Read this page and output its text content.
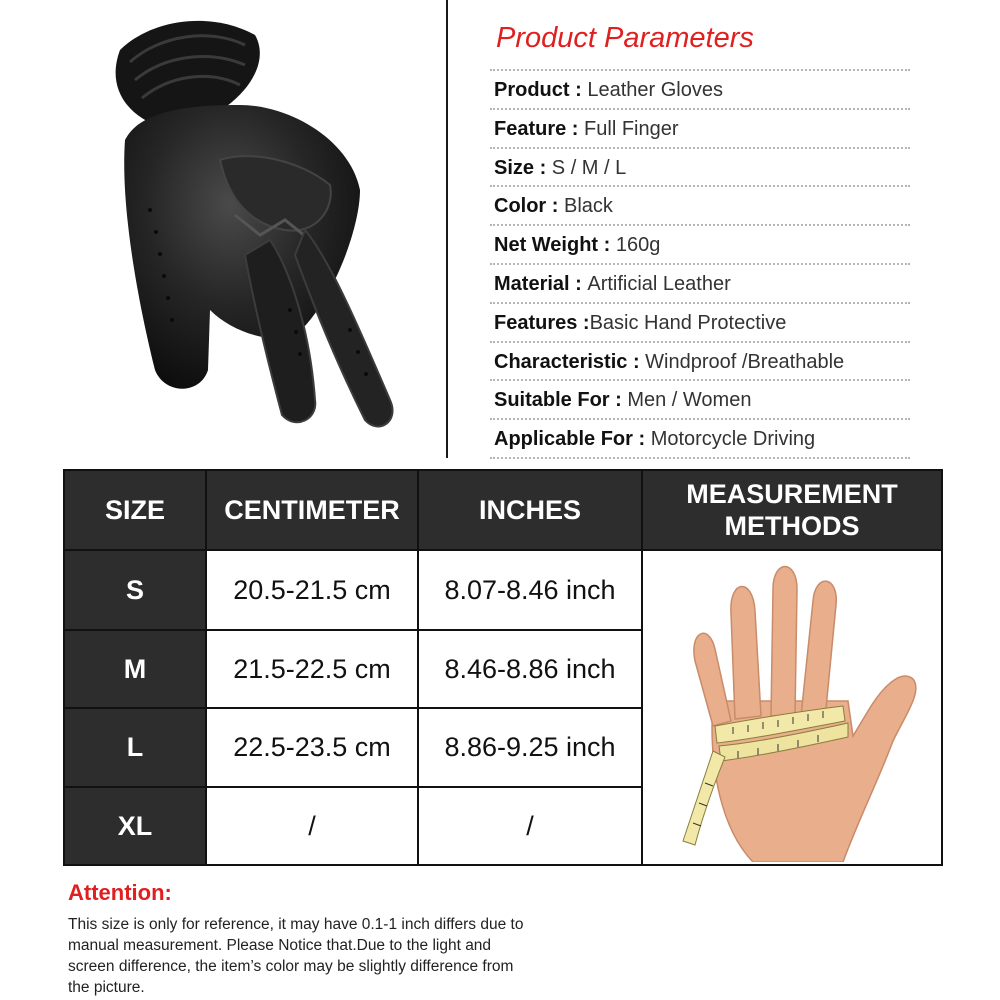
Product Parameters
Product : Leather Gloves
Feature : Full Finger
Size : S / M / L
Color : Black
Net Weight : 160g
Material : Artificial Leather
Features :Basic Hand Protective
Characteristic : Windproof /Breathable
Suitable For : Men / Women
Applicable For : Motorcycle Driving
SIZE	CENTIMETER	INCHES
MEASUREMENT
METHODS
S	20.5-21.5 cm	8.07-8.46 inch
M	21.5-22.5 cm	8.46-8.86 inch
L	22.5-23.5 cm	8.86-9.25 inch
XL	/	/
Attention:
This size is only for reference, it may have 0.1-1 inch differs due to manual measurement. Please Notice that.Due to the light and screen difference, the item’s color may be slightly difference from the picture.
